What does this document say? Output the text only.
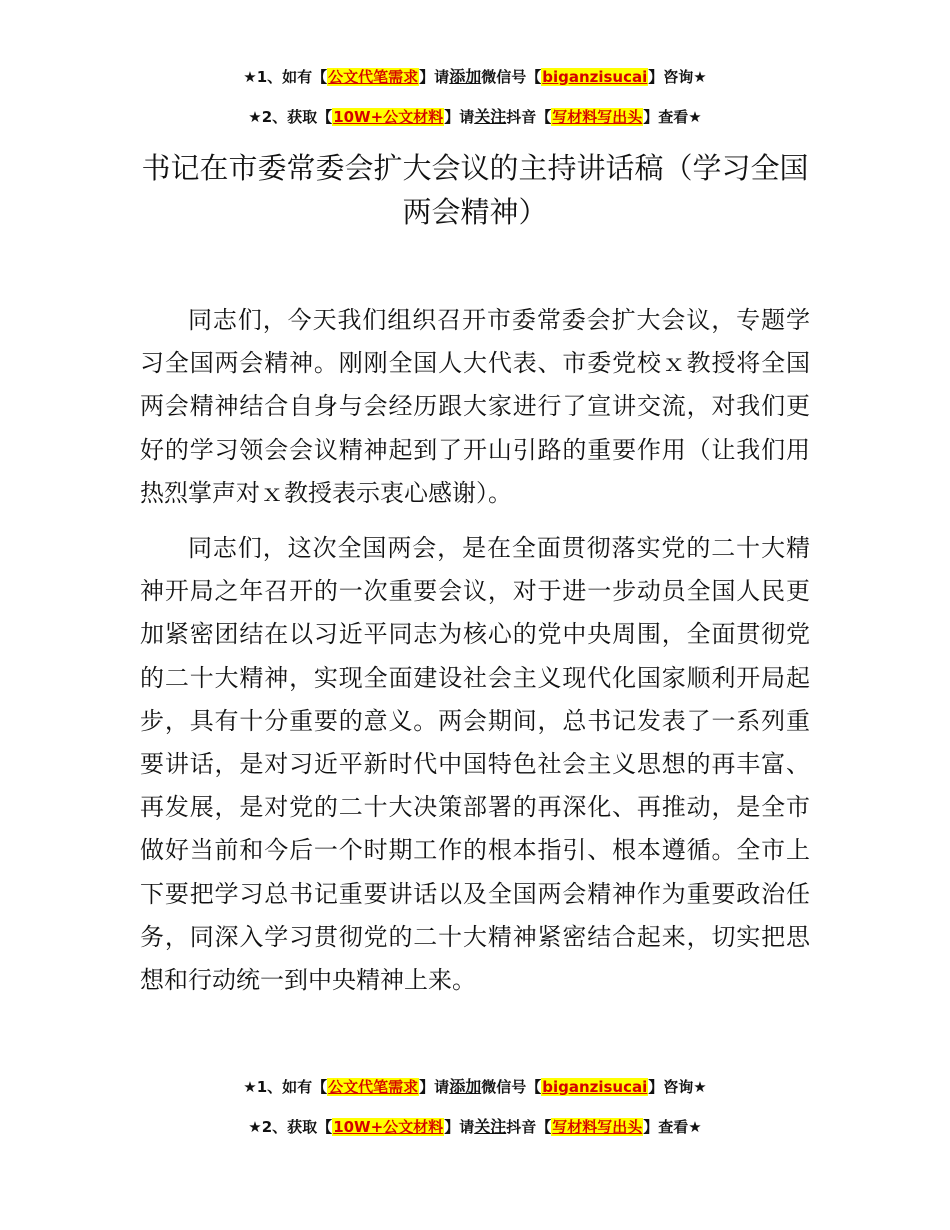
★1、如有【公文代笔需求】请添加微信号【biganzisucai】咨询★
★2、获取【10W+公文材料】请关注抖音【写材料写出头】查看★
书记在市委常委会扩大会议的主持讲话稿（学习全国两会精神）

同志们，今天我们组织召开市委常委会扩大会议，专题学习全国两会精神。刚刚全国人大代表、市委党校ｘ教授将全国两会精神结合自身与会经历跟大家进行了宣讲交流，对我们更好的学习领会会议精神起到了开山引路的重要作用（让我们用热烈掌声对ｘ教授表示衷心感谢）。

同志们，这次全国两会，是在全面贯彻落实党的二十大精神开局之年召开的一次重要会议，对于进一步动员全国人民更加紧密团结在以习近平同志为核心的党中央周围，全面贯彻党的二十大精神，实现全面建设社会主义现代化国家顺利开局起步，具有十分重要的意义。两会期间，总书记发表了一系列重要讲话，是对习近平新时代中国特色社会主义思想的再丰富、再发展，是对党的二十大决策部署的再深化、再推动，是全市做好当前和今后一个时期工作的根本指引、根本遵循。全市上下要把学习总书记重要讲话以及全国两会精神作为重要政治任务，同深入学习贯彻党的二十大精神紧密结合起来，切实把思想和行动统一到中央精神上来。

★1、如有【公文代笔需求】请添加微信号【biganzisucai】咨询★
★2、获取【10W+公文材料】请关注抖音【写材料写出头】查看★
